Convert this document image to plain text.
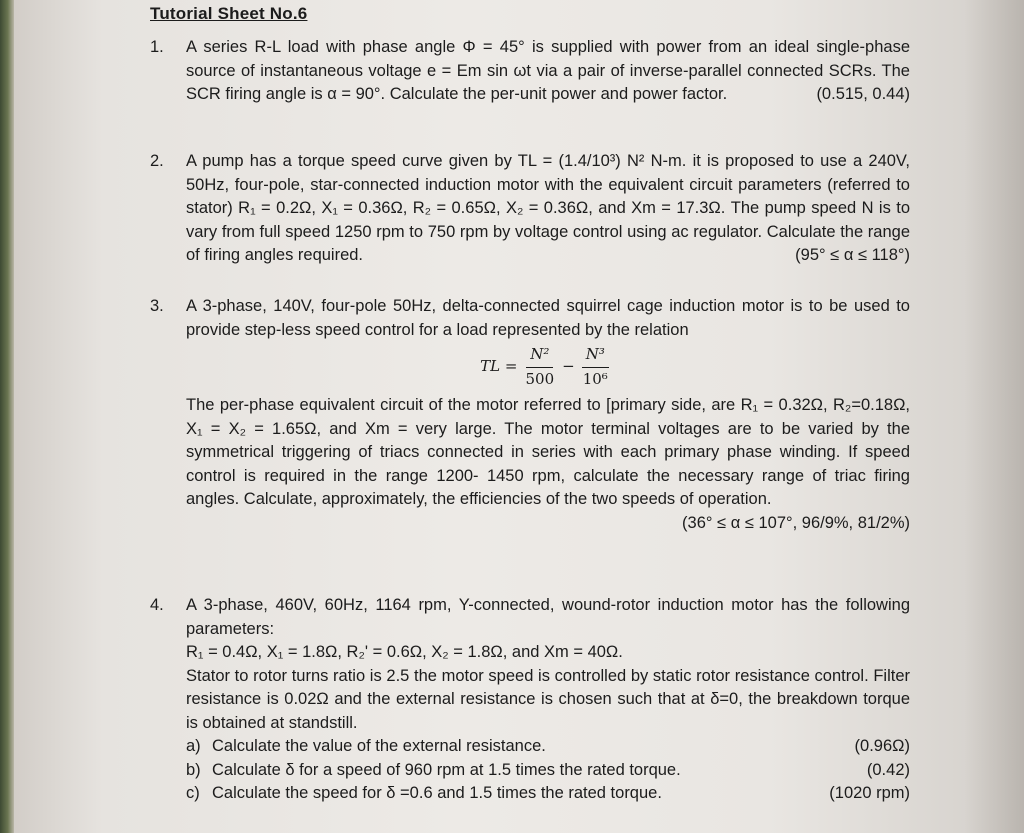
Tutorial Sheet No.6
1.	A series R-L load with phase angle Φ = 45° is supplied with power from an ideal single-phase source of instantaneous voltage e = Em sin ωt via a pair of inverse-parallel connected SCRs. The SCR firing angle is α = 90°. Calculate the per-unit power and power factor.	(0.515, 0.44)

2.	A pump has a torque speed curve given by TL = (1.4/10³) N² N-m. it is proposed to use a 240V, 50Hz, four-pole, star-connected induction motor with the equivalent circuit parameters (referred to stator) R₁ = 0.2Ω, X₁ = 0.36Ω, R₂ = 0.65Ω, X₂ = 0.36Ω, and Xm = 17.3Ω. The pump speed N is to vary from full speed 1250 rpm to 750 rpm by voltage control using ac regulator. Calculate the range of firing angles required.	(95° ≤ α ≤ 118°)

3.	A 3-phase, 140V, four-pole 50Hz, delta-connected squirrel cage induction motor is to be used to provide step-less speed control for a load represented by the relation

TL = $\frac{\text{N²}}{500} - \frac{\text{N³}}{\text{10⁶}}$

The per-phase equivalent circuit of the motor referred to [primary side, are R₁ = 0.32Ω, R₂=0.18Ω, X₁ = X₂ = 1.65Ω, and Xm = very large. The motor terminal voltages are to be varied by the symmetrical triggering of triacs connected in series with each primary phase winding. If speed control is required in the range 1200- 1450 rpm, calculate the necessary range of triac firing angles. Calculate, approximately, the efficiencies of the two speeds of operation.
(36° ≤ α ≤ 107°, 96/9%, 81/2%)

4.	A 3-phase, 460V, 60Hz, 1164 rpm, Y-connected, wound-rotor induction motor has the following parameters:

R₁ = 0.4Ω, X₁ = 1.8Ω, R₂' = 0.6Ω, X₂ = 1.8Ω, and Xm = 40Ω.

Stator to rotor turns ratio is 2.5 the motor speed is controlled by static rotor resistance control. Filter resistance is 0.02Ω and the external resistance is chosen such that at δ=0, the breakdown torque is obtained at standstill.

a) Calculate the value of the external resistance.	(0.96Ω)
b) Calculate δ for a speed of 960 rpm at 1.5 times the rated torque.	(0.42)
c) Calculate the speed for δ =0.6 and 1.5 times the rated torque.	(1020 rpm)
